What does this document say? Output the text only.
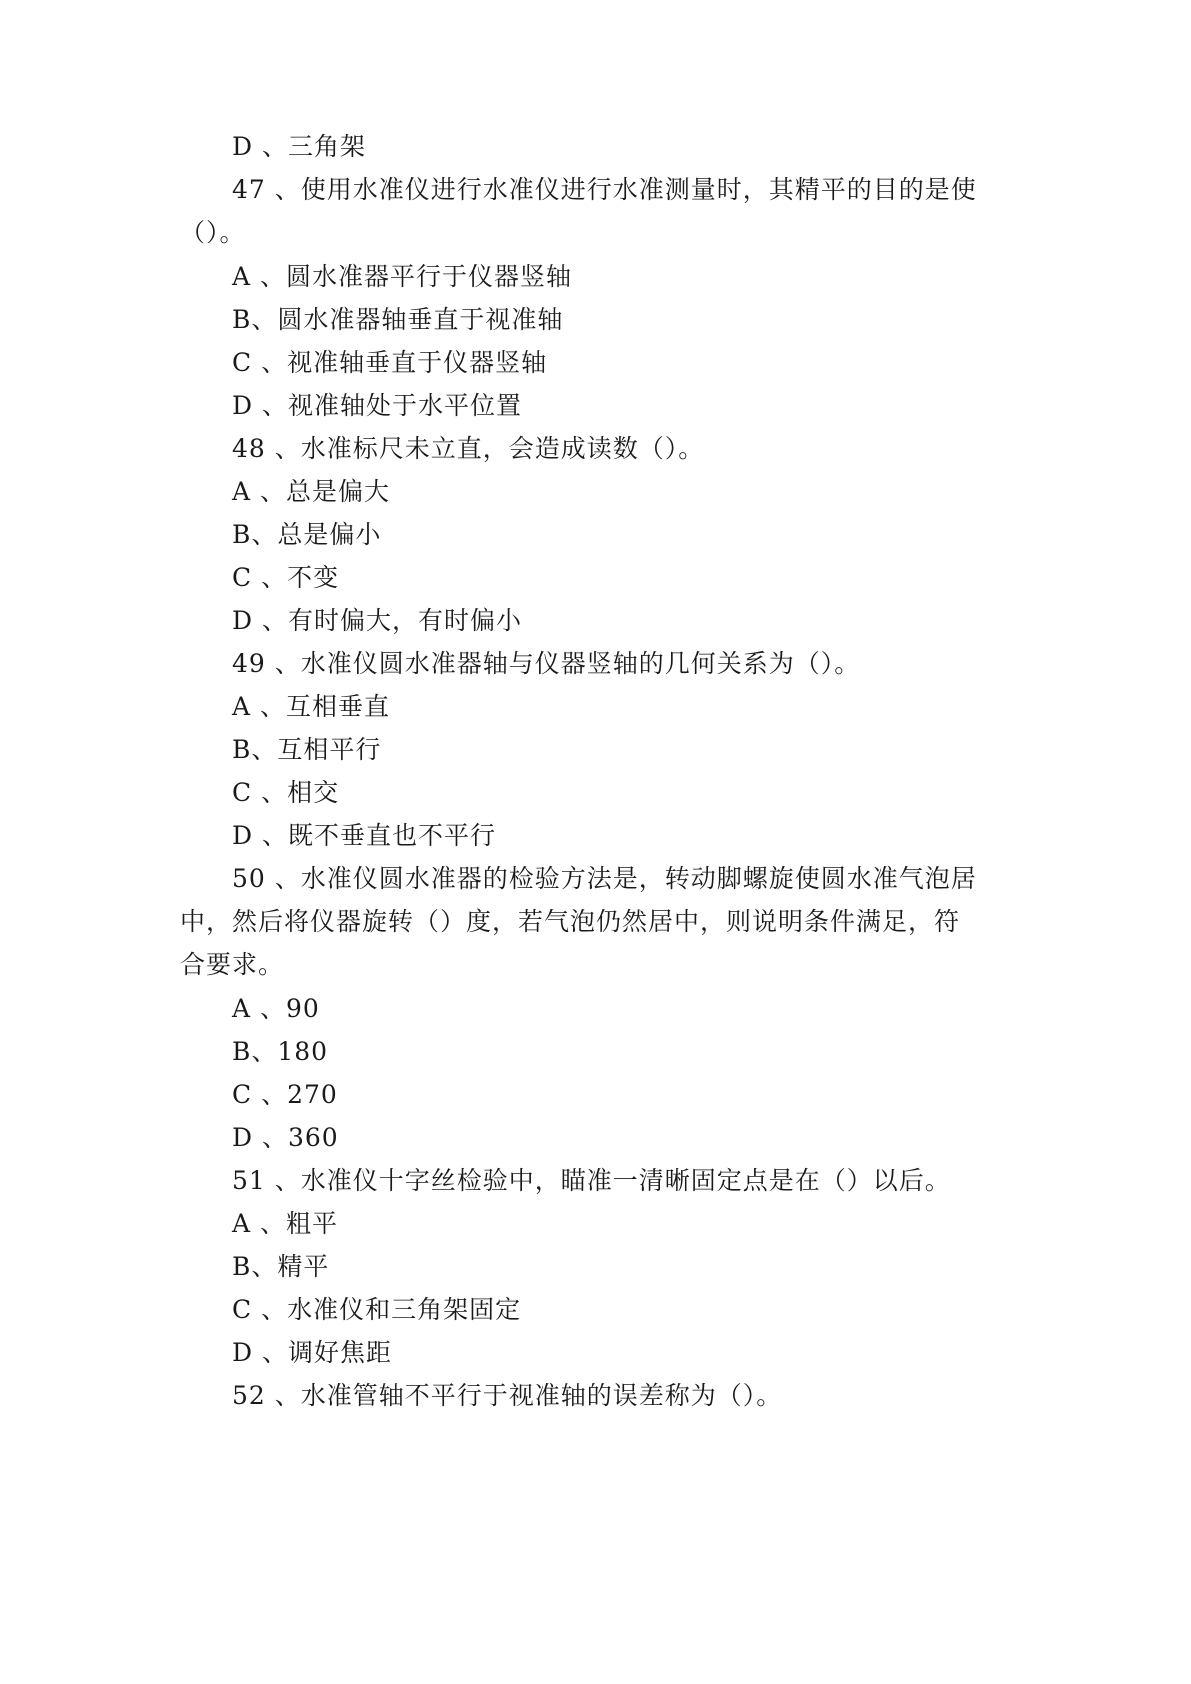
D 、三角架
47 、使用水准仪进行水准仪进行水准测量时，其精平的目的是使
（）。
A 、圆水准器平行于仪器竖轴
B、圆水准器轴垂直于视准轴
C 、视准轴垂直于仪器竖轴
D 、视准轴处于水平位置
48 、水准标尺未立直，会造成读数（）。
A 、总是偏大
B、总是偏小
C 、不变
D 、有时偏大，有时偏小
49 、水准仪圆水准器轴与仪器竖轴的几何关系为（）。
A 、互相垂直
B、互相平行
C 、相交
D 、既不垂直也不平行
50 、水准仪圆水准器的检验方法是，转动脚螺旋使圆水准气泡居
中，然后将仪器旋转（）度，若气泡仍然居中，则说明条件满足，符
合要求。
A 、90
B、180
C 、270
D 、360
51 、水准仪十字丝检验中，瞄准一清晰固定点是在（）以后。
A 、粗平
B、精平
C 、水准仪和三角架固定
D 、调好焦距
52 、水准管轴不平行于视准轴的误差称为（）。
